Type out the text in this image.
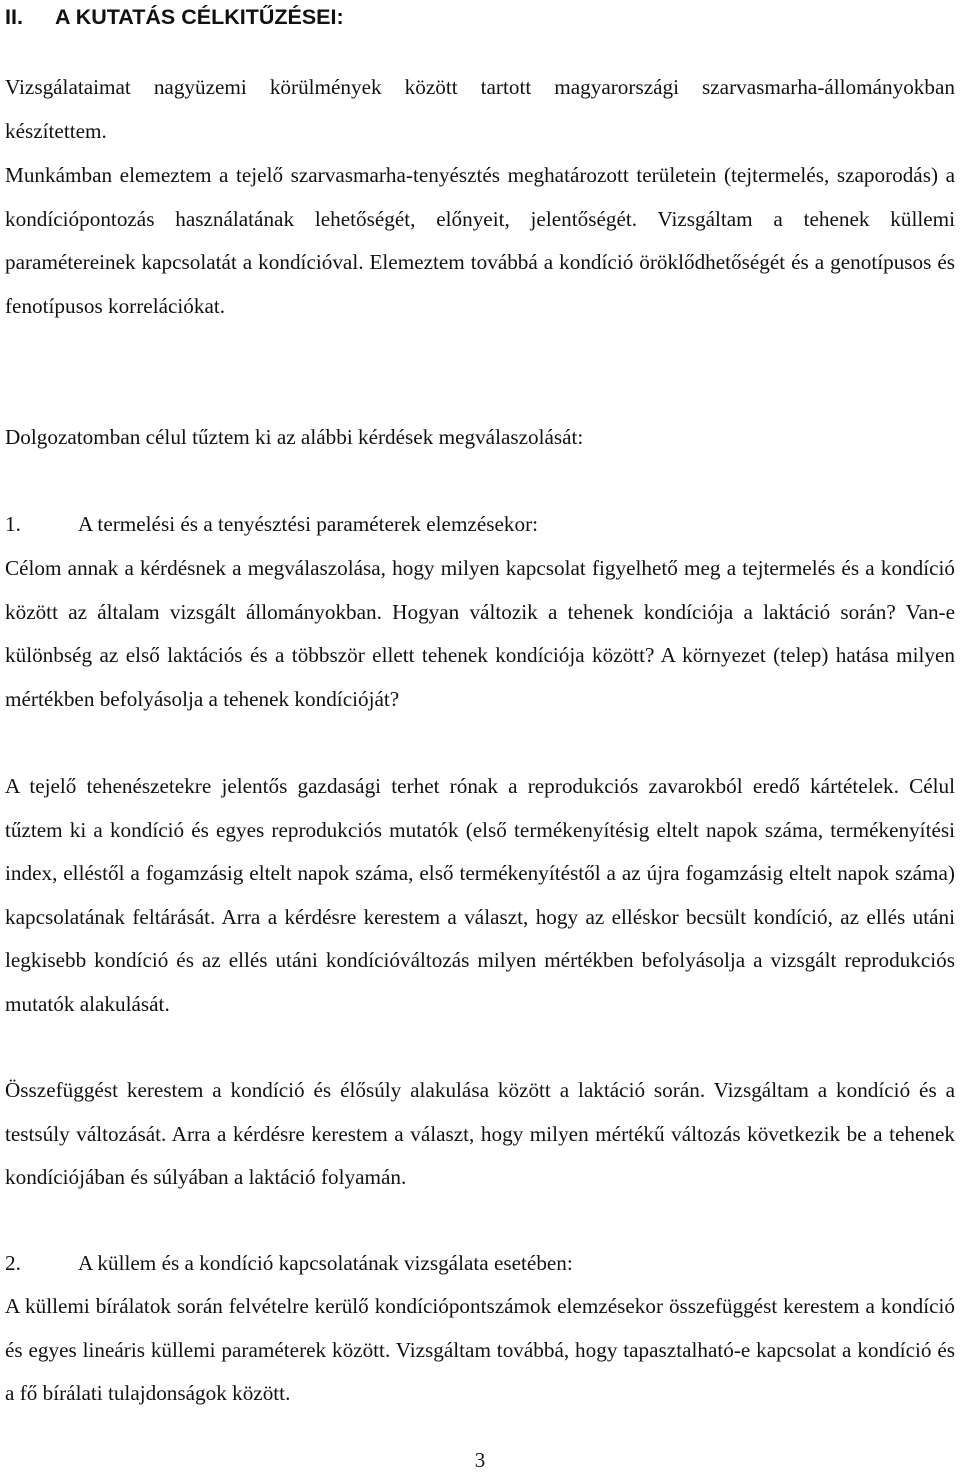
II. A KUTATÁS CÉLKITŰZÉSEI:

Vizsgálataimat nagyüzemi körülmények között tartott magyarországi szarvasmarha-állományokban készítettem.

Munkámban elemeztem a tejelő szarvasmarha-tenyésztés meghatározott területein (tejtermelés, szaporodás) a kondíciópontozás használatának lehetőségét, előnyeit, jelentőségét. Vizsgáltam a tehenek küllemi paramétereinek kapcsolatát a kondícióval. Elemeztem továbbá a kondíció öröklődhetőségét és a genotípusos és fenotípusos korrelációkat.

Dolgozatomban célul tűztem ki az alábbi kérdések megválaszolását:

1.	A termelési és a tenyésztési paraméterek elemzésekor:

Célom annak a kérdésnek a megválaszolása, hogy milyen kapcsolat figyelhető meg a tejtermelés és a kondíció között az általam vizsgált állományokban. Hogyan változik a tehenek kondíciója a laktáció során? Van-e különbség az első laktációs és a többször ellett tehenek kondíciója között? A környezet (telep) hatása milyen mértékben befolyásolja a tehenek kondícióját?

A tejelő tehenészetekre jelentős gazdasági terhet rónak a reprodukciós zavarokból eredő kártételek. Célul tűztem ki a kondíció és egyes reprodukciós mutatók (első termékenyítésig eltelt napok száma, termékenyítési index, elléstől a fogamzásig eltelt napok száma, első termékenyítéstől a az újra fogamzásig eltelt napok száma) kapcsolatának feltárását. Arra a kérdésre kerestem a választ, hogy az elléskor becsült kondíció, az ellés utáni legkisebb kondíció és az ellés utáni kondícióváltozás milyen mértékben befolyásolja a vizsgált reprodukciós mutatók alakulását.

Összefüggést kerestem a kondíció és élősúly alakulása között a laktáció során. Vizsgáltam a kondíció és a testsúly változását. Arra a kérdésre kerestem a választ, hogy milyen mértékű változás következik be a tehenek kondíciójában és súlyában a laktáció folyamán.

2.	A küllem és a kondíció kapcsolatának vizsgálata esetében:

A küllemi bírálatok során felvételre kerülő kondíciópontszámok elemzésekor összefüggést kerestem a kondíció és egyes lineáris küllemi paraméterek között. Vizsgáltam továbbá, hogy tapasztalható-e kapcsolat a kondíció és a fő bírálati tulajdonságok között.

3
